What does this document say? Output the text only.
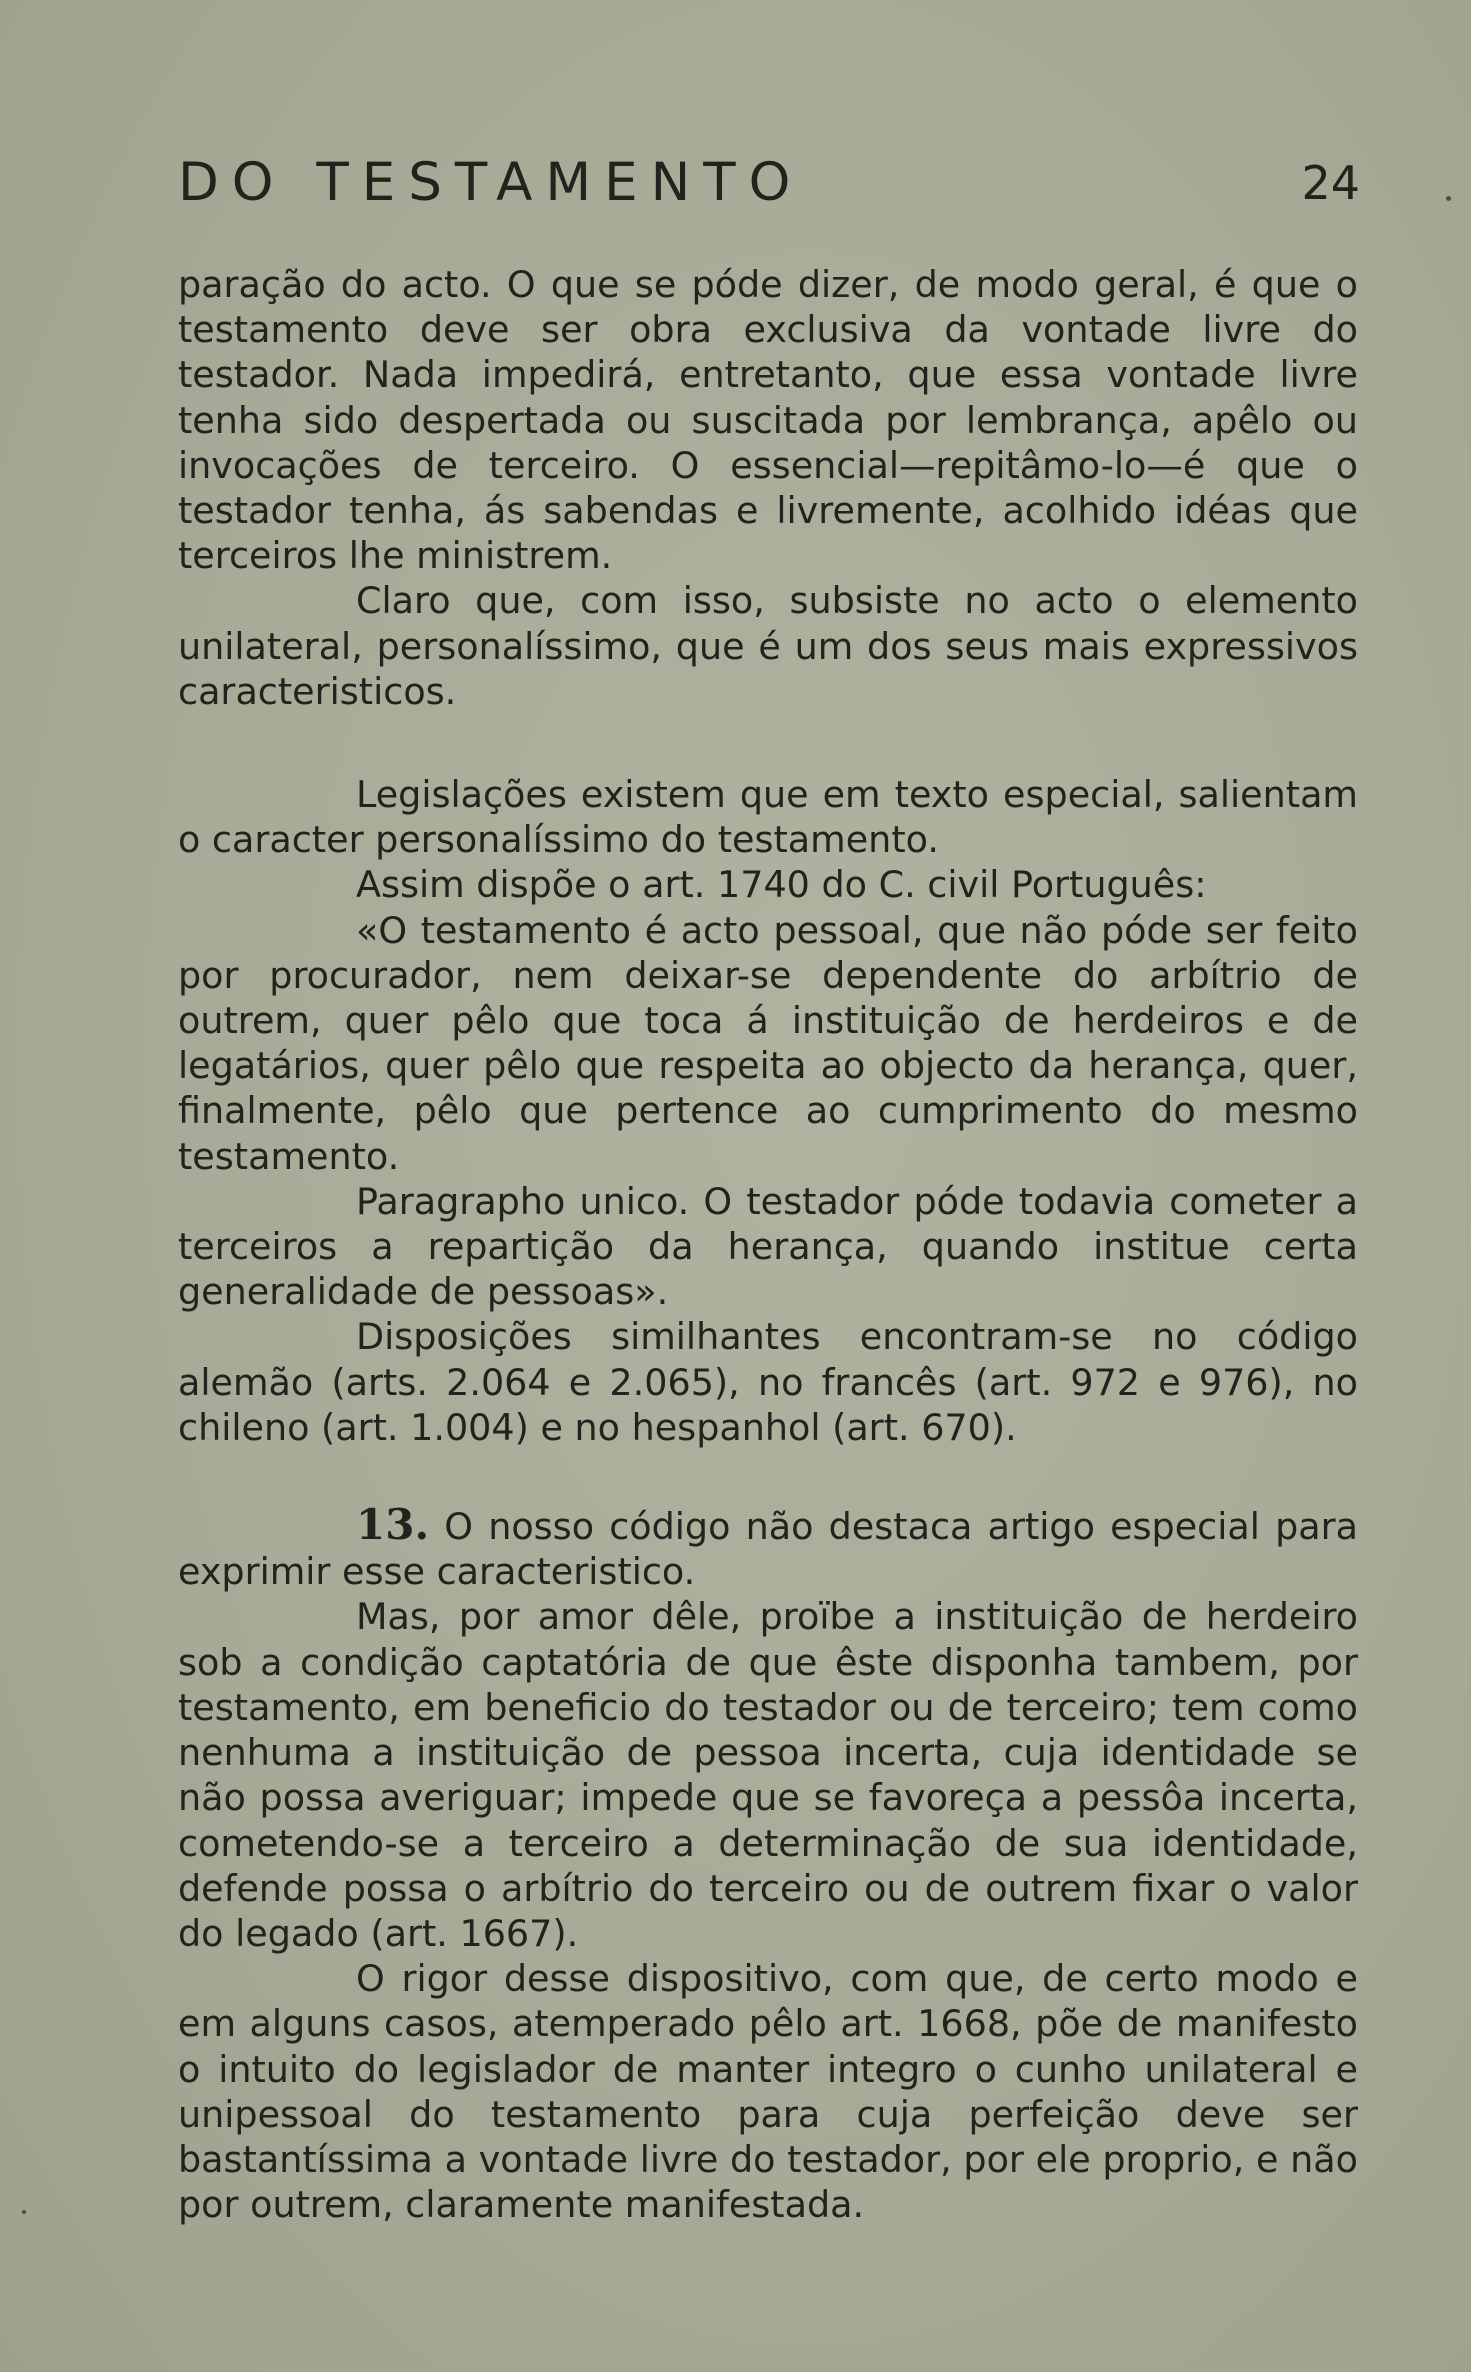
DO TESTAMENTO	24

paração do acto. O que se póde dizer, de modo geral, é que o testamento deve ser obra exclusiva da vontade livre do testador. Nada impedirá, entretanto, que essa vontade livre tenha sido despertada ou suscitada por lembrança, apêlo ou invocações de terceiro. O essencial—repitâmo-lo—é que o testador tenha, ás sabendas e livremente, acolhido idéas que terceiros lhe ministrem.

Claro que, com isso, subsiste no acto o elemento unilateral, personalíssimo, que é um dos seus mais expressivos caracteristicos.

Legislações existem que em texto especial, salientam o caracter personalíssimo do testamento.

Assim dispõe o art. 1740 do C. civil Português:

«O testamento é acto pessoal, que não póde ser feito por procurador, nem deixar-se dependente do arbítrio de outrem, quer pêlo que toca á instituição de herdeiros e de legatários, quer pêlo que respeita ao objecto da herança, quer, finalmente, pêlo que pertence ao cumprimento do mesmo testamento.

Paragrapho unico. O testador póde todavia cometer a terceiros a repartição da herança, quando institue certa generalidade de pessoas».

Disposições similhantes encontram-se no código alemão (arts. 2.064 e 2.065), no francês (art. 972 e 976), no chileno (art. 1.004) e no hespanhol (art. 670).

13. O nosso código não destaca artigo especial para exprimir esse caracteristico.

Mas, por amor dêle, proïbe a instituição de herdeiro sob a condição captatória de que êste disponha tambem, por testamento, em beneficio do testador ou de terceiro; tem como nenhuma a instituição de pessoa incerta, cuja identidade se não possa averiguar; impede que se favoreça a pessôa incerta, cometendo-se a terceiro a determinação de sua identidade, defende possa o arbítrio do terceiro ou de outrem fixar o valor do legado (art. 1667).

O rigor desse dispositivo, com que, de certo modo e em alguns casos, atemperado pêlo art. 1668, põe de manifesto o intuito do legislador de manter integro o cunho unilateral e unipessoal do testamento para cuja perfeição deve ser bastantíssima a vontade livre do testador, por ele proprio, e não por outrem, claramente manifestada.
